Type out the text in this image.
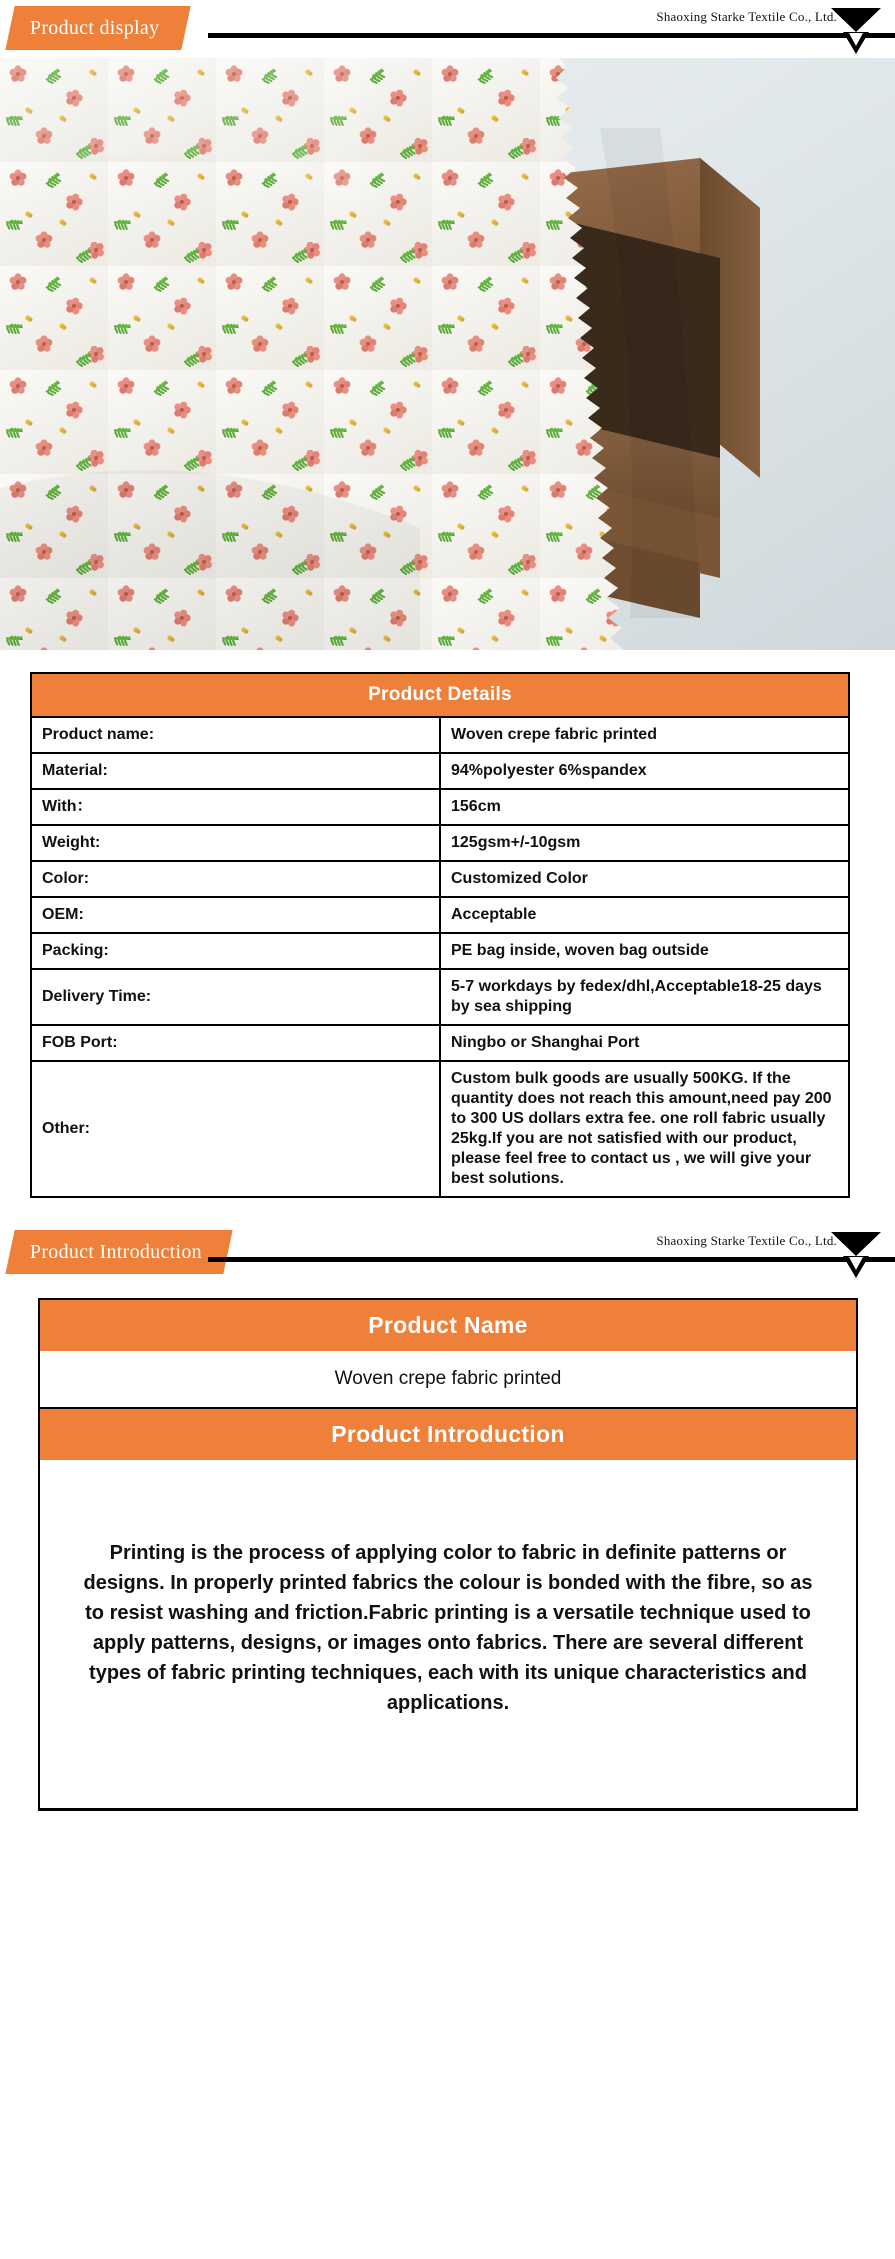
Product display	Shaoxing Starke Textile Co., Ltd.
Product Details	
Product name:	Woven crepe fabric printed
Material:	94%polyester 6%spandex
With：	156cm
Weight:	125gsm+/-10gsm
Color:	Customized Color
OEM:	Acceptable
Packing:	PE bag inside, woven bag outside
Delivery Time:	5-7 workdays by fedex/dhl,Acceptable18-25 days by sea shipping
FOB Port:	Ningbo or Shanghai Port
Other:	Custom bulk goods are usually 500KG. If the quantity does not reach this amount,need pay 200 to 300 US dollars extra fee. one roll fabric usually 25kg.If you are not satisfied with our product, please feel free to contact us , we will give your best solutions.
Product Introduction	Shaoxing Starke Textile Co., Ltd.
Product Name
Woven crepe fabric printed
Product Introduction
Printing is the process of applying color to fabric in definite patterns or designs. In properly printed fabrics the colour is bonded with the fibre, so as to resist washing and friction.Fabric printing is a versatile technique used to apply patterns, designs, or images onto fabrics. There are several different types of fabric printing techniques, each with its unique characteristics and applications.
